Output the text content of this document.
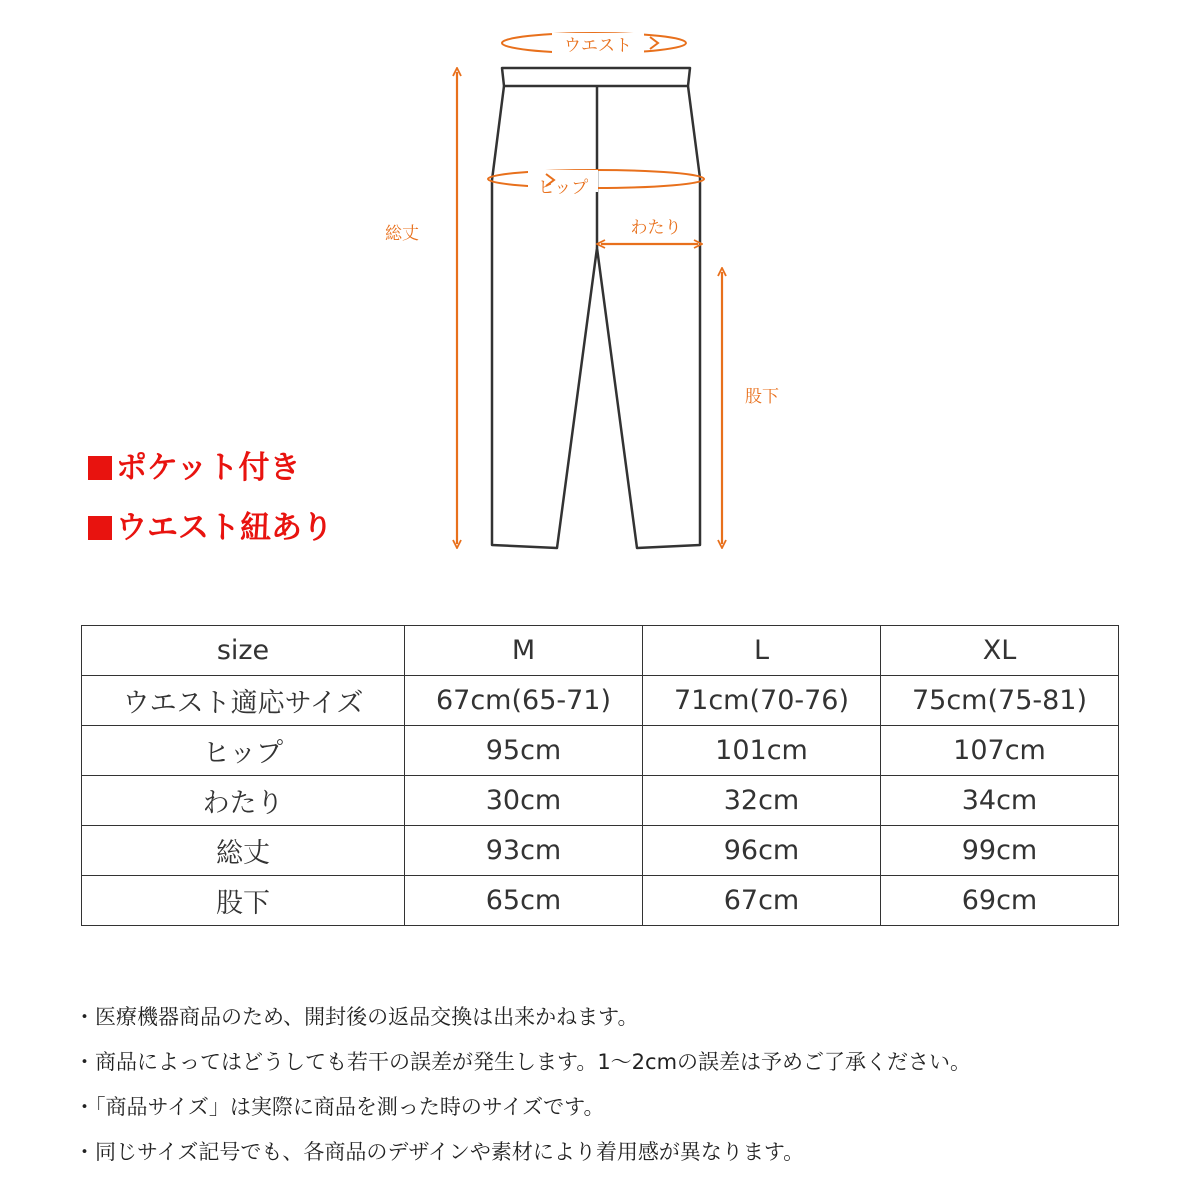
ウエスト
ヒップ
わたり
総丈
股下
ポケット付き
ウエスト紐あり
size	M	L	XL
ウエスト適応サイズ	67cm(65-71)	71cm(70-76)	75cm(75-81)
ヒップ	95cm	101cm	107cm
わたり	30cm	32cm	34cm
総丈	93cm	96cm	99cm
股下	65cm	67cm	69cm
・医療機器商品のため、開封後の返品交換は出来かねます。
・商品によってはどうしても若干の誤差が発生します。1〜2cmの誤差は予めご了承ください。
・「商品サイズ」は実際に商品を測った時のサイズです。
・同じサイズ記号でも、各商品のデザインや素材により着用感が異なります。
